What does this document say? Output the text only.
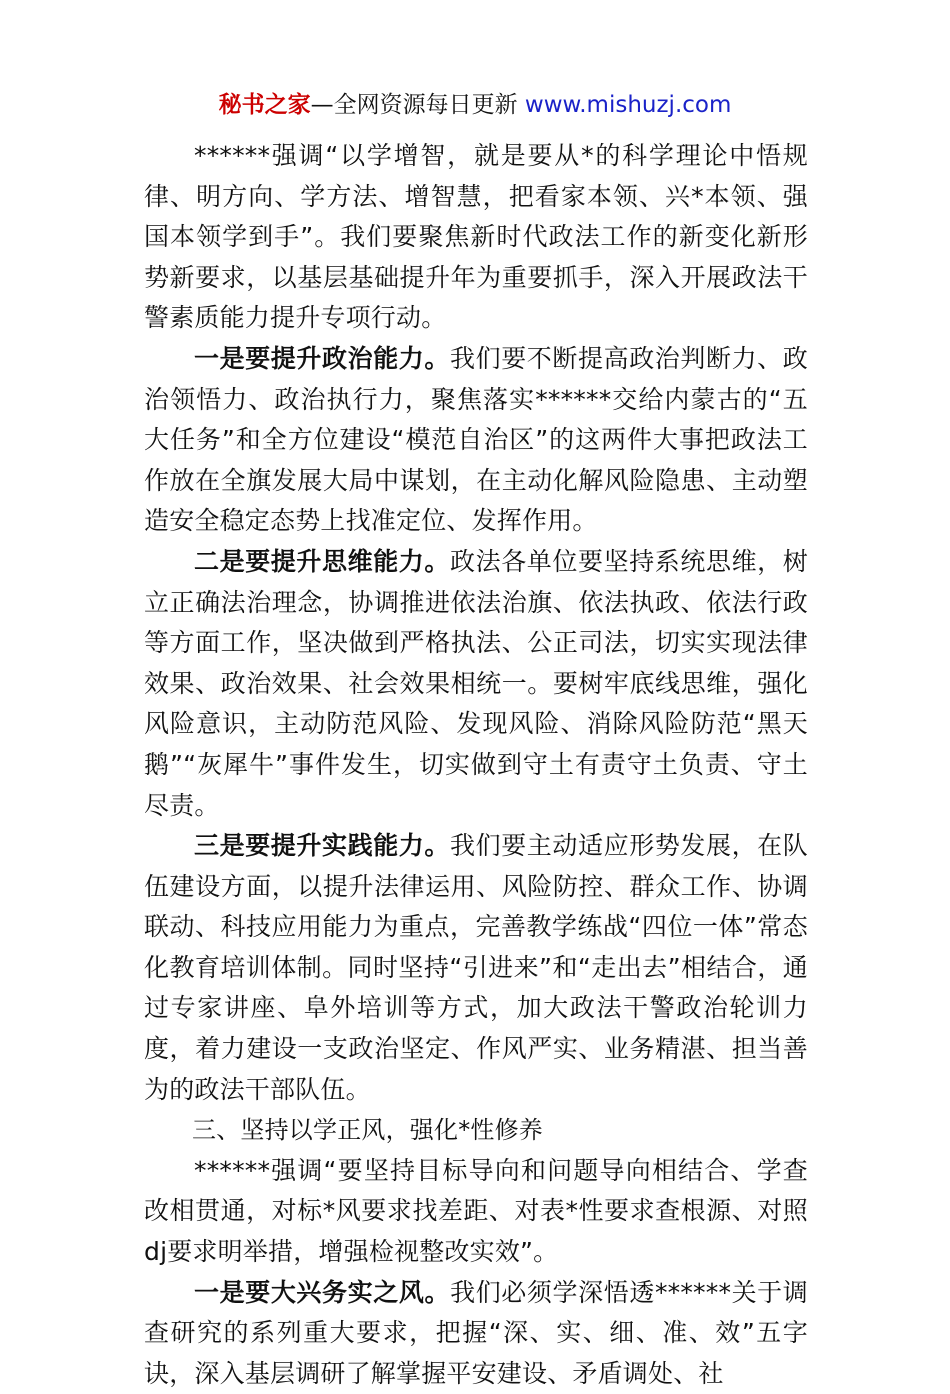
秘书之家—全网资源每日更新 www.mishuzj.com

******强调“以学增智，就是要从*的科学理论中悟规律、明方向、学方法、增智慧，把看家本领、兴*本领、强国本领学到手”。我们要聚焦新时代政法工作的新变化新形势新要求，以基层基础提升年为重要抓手，深入开展政法干警素质能力提升专项行动。

一是要提升政治能力。我们要不断提高政治判断力、政治领悟力、政治执行力，聚焦落实******交给内蒙古的“五大任务”和全方位建设“模范自治区”的这两件大事把政法工作放在全旗发展大局中谋划，在主动化解风险隐患、主动塑造安全稳定态势上找准定位、发挥作用。

二是要提升思维能力。政法各单位要坚持系统思维，树立正确法治理念，协调推进依法治旗、依法执政、依法行政等方面工作，坚决做到严格执法、公正司法，切实实现法律效果、政治效果、社会效果相统一。要树牢底线思维，强化风险意识，主动防范风险、发现风险、消除风险防范“黑天鹅”“灰犀牛”事件发生，切实做到守土有责守土负责、守土尽责。

三是要提升实践能力。我们要主动适应形势发展，在队伍建设方面，以提升法律运用、风险防控、群众工作、协调联动、科技应用能力为重点，完善教学练战“四位一体”常态化教育培训体制。同时坚持“引进来”和“走出去”相结合，通过专家讲座、阜外培训等方式，加大政法干警政治轮训力度，着力建设一支政治坚定、作风严实、业务精湛、担当善为的政法干部队伍。

三、坚持以学正风，强化*性修养

******强调“要坚持目标导向和问题导向相结合、学查改相贯通，对标*风要求找差距、对表*性要求查根源、对照dj要求明举措，增强检视整改实效”。

一是要大兴务实之风。我们必须学深悟透******关于调查研究的系列重大要求，把握“深、实、细、准、效”五字诀，深入基层调研了解掌握平安建设、矛盾调处、社
